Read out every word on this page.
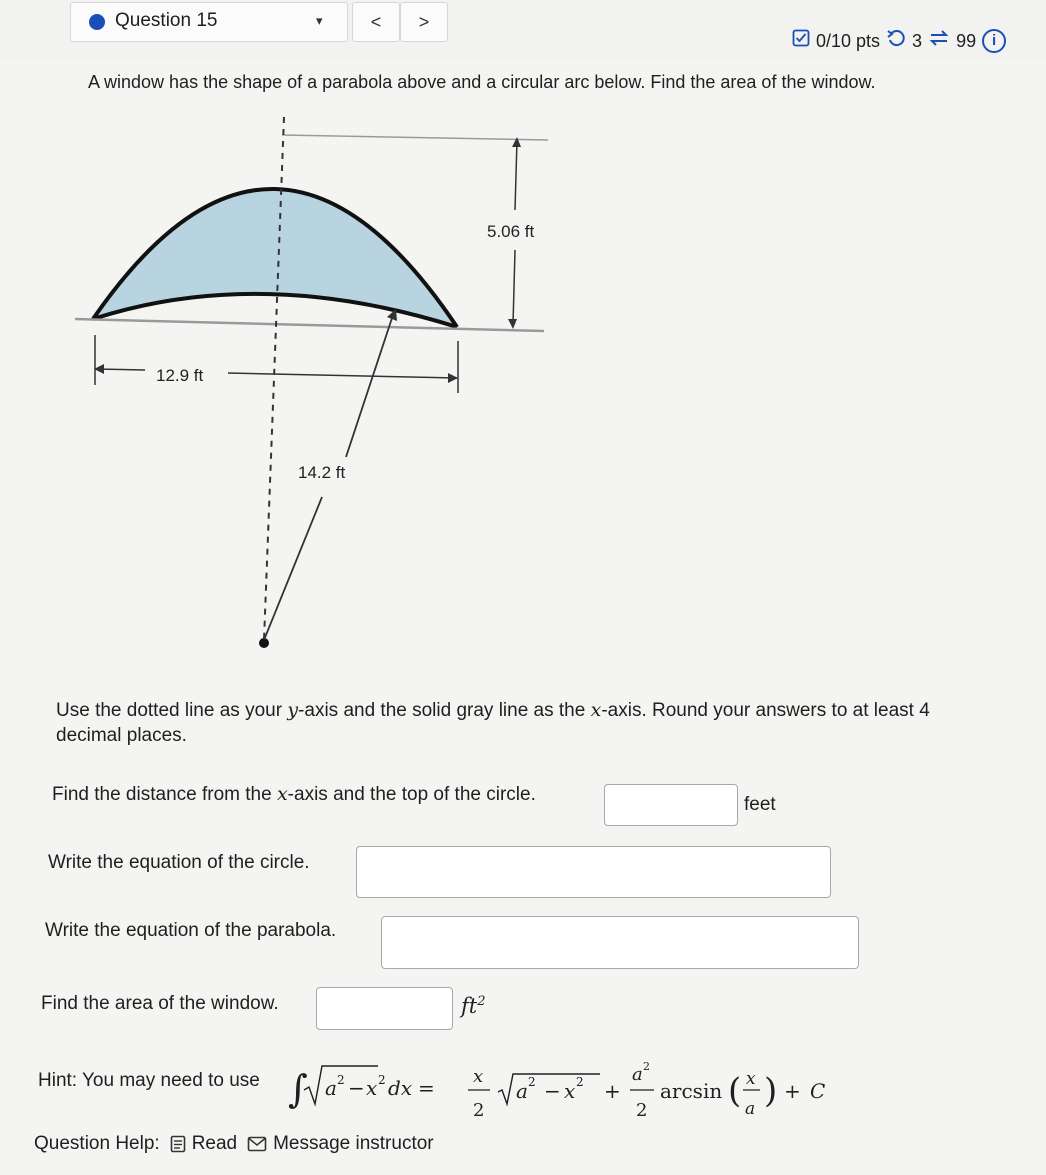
Question 15	▾	<	>
0/10 pts 3 99	i
A window has the shape of a parabola above and a circular arc below. Find the area of the window.
5.06 ft
12.9 ft
14.2 ft
Use the dotted line as your y-axis and the solid gray line as the x-axis. Round your answers to at least 4
decimal places.
Find the distance from the x-axis and the top of the circle.	feet
Write the equation of the circle.
Write the equation of the parabola.
Find the area of the window.	$ft^2$
Hint: You may need to use ∫ a 2 − x 2 dx = x
2
a 2 − x 2 +
a 2
2
arcsin ( x
a ) + C
Question Help: Read Message instructor
